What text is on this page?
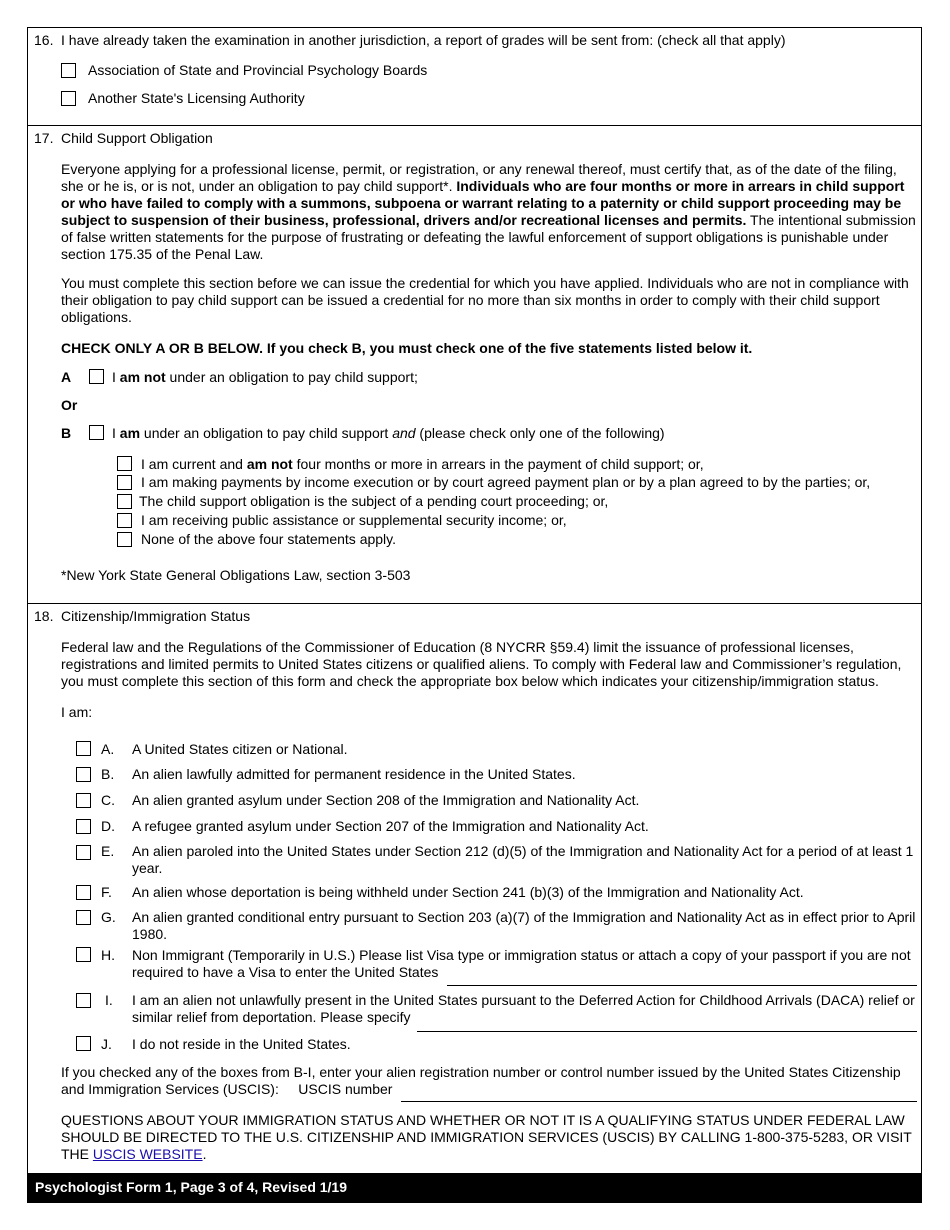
16. I have already taken the examination in another jurisdiction, a report of grades will be sent from: (check all that apply)
Association of State and Provincial Psychology Boards
Another State's Licensing Authority
17. Child Support Obligation
Everyone applying for a professional license, permit, or registration, or any renewal thereof, must certify that, as of the date of the filing, she or he is, or is not, under an obligation to pay child support*. Individuals who are four months or more in arrears in child support or who have failed to comply with a summons, subpoena or warrant relating to a paternity or child support proceeding may be subject to suspension of their business, professional, drivers and/or recreational licenses and permits. The intentional submission of false written statements for the purpose of frustrating or defeating the lawful enforcement of support obligations is punishable under section 175.35 of the Penal Law.
You must complete this section before we can issue the credential for which you have applied. Individuals who are not in compliance with their obligation to pay child support can be issued a credential for no more than six months in order to comply with their child support obligations.
CHECK ONLY A OR B BELOW. If you check B, you must check one of the five statements listed below it.
A	I am not under an obligation to pay child support;
Or
B	I am under an obligation to pay child support and (please check only one of the following)
I am current and am not four months or more in arrears in the payment of child support; or,
I am making payments by income execution or by court agreed payment plan or by a plan agreed to by the parties; or,
The child support obligation is the subject of a pending court proceeding; or,
I am receiving public assistance or supplemental security income; or,
None of the above four statements apply.
*New York State General Obligations Law, section 3-503
18. Citizenship/Immigration Status
Federal law and the Regulations of the Commissioner of Education (8 NYCRR §59.4) limit the issuance of professional licenses, registrations and limited permits to United States citizens or qualified aliens. To comply with Federal law and Commissioner’s regulation, you must complete this section of this form and check the appropriate box below which indicates your citizenship/immigration status.
I am:
A. A United States citizen or National.
B. An alien lawfully admitted for permanent residence in the United States.
C. An alien granted asylum under Section 208 of the Immigration and Nationality Act.
D. A refugee granted asylum under Section 207 of the Immigration and Nationality Act.
E. An alien paroled into the United States under Section 212 (d)(5) of the Immigration and Nationality Act for a period of at least 1 year.
F. An alien whose deportation is being withheld under Section 241 (b)(3) of the Immigration and Nationality Act.
G. An alien granted conditional entry pursuant to Section 203 (a)(7) of the Immigration and Nationality Act as in effect prior to April 1980.
H. Non Immigrant (Temporarily in U.S.) Please list Visa type or immigration status or attach a copy of your passport if you are not required to have a Visa to enter the United States
I. I am an alien not unlawfully present in the United States pursuant to the Deferred Action for Childhood Arrivals (DACA) relief or similar relief from deportation. Please specify
J. I do not reside in the United States.
If you checked any of the boxes from B-I, enter your alien registration number or control number issued by the United States Citizenship and Immigration Services (USCIS): USCIS number
QUESTIONS ABOUT YOUR IMMIGRATION STATUS AND WHETHER OR NOT IT IS A QUALIFYING STATUS UNDER FEDERAL LAW SHOULD BE DIRECTED TO THE U.S. CITIZENSHIP AND IMMIGRATION SERVICES (USCIS) BY CALLING 1-800-375-5283, OR VISIT THE USCIS WEBSITE.
Psychologist Form 1, Page 3 of 4, Revised 1/19
